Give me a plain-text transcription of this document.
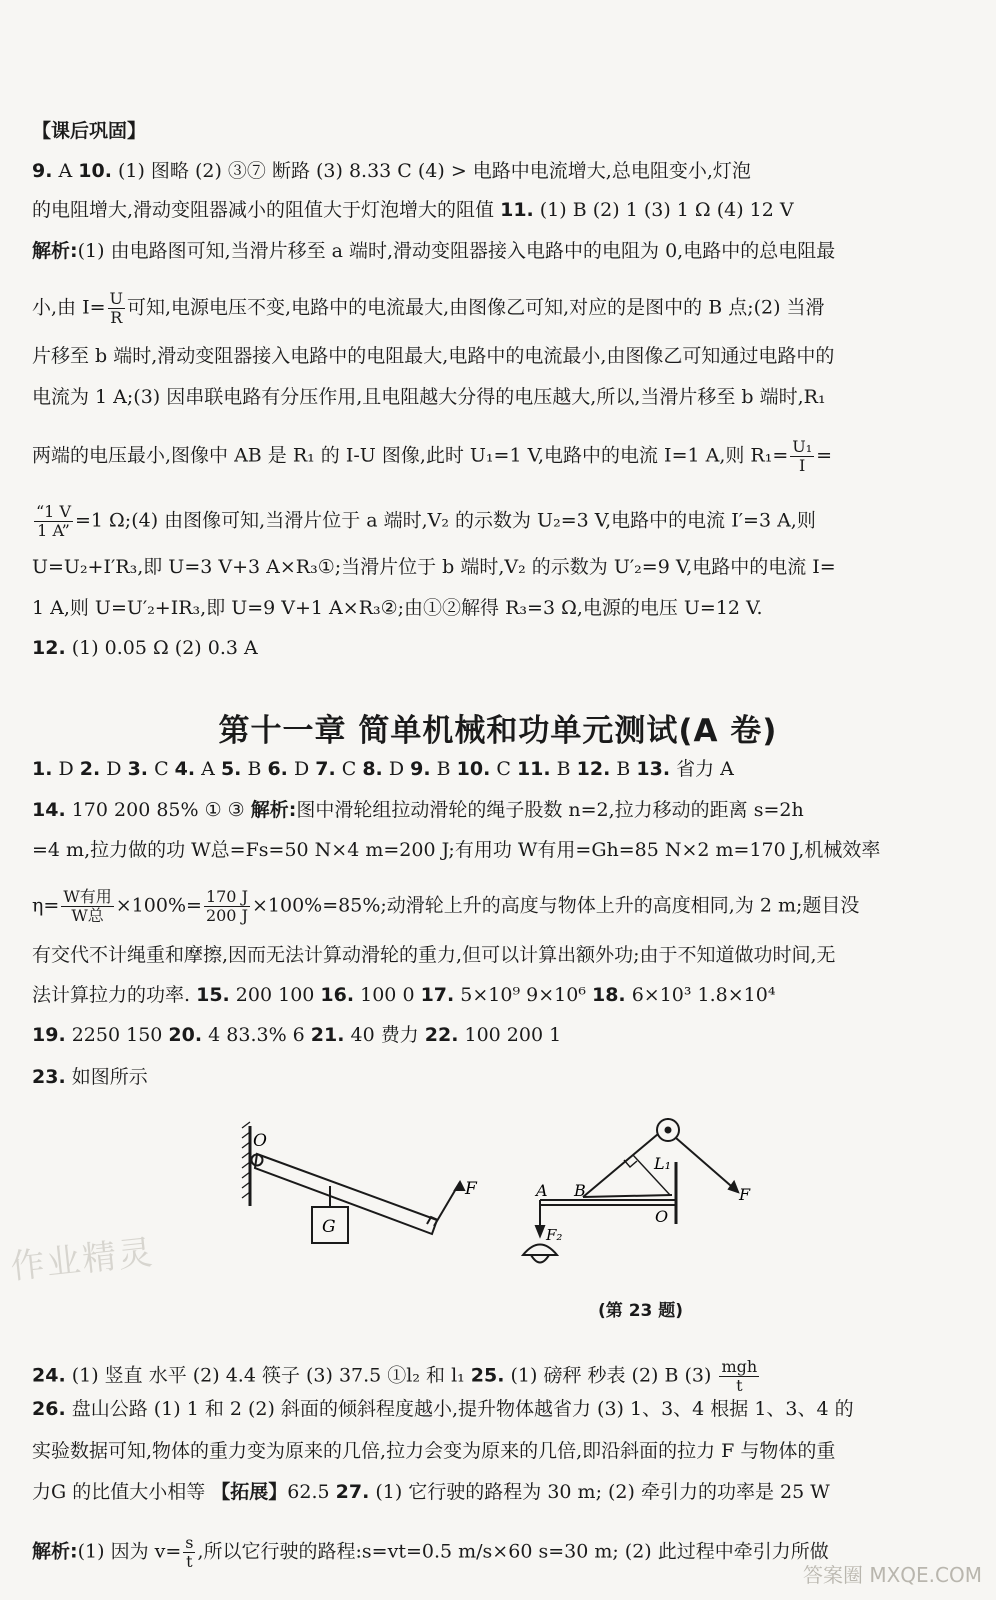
【课后巩固】
9. A 10. (1) 图略 (2) ③⑦ 断路 (3) 8.33 C (4) > 电路中电流增大,总电阻变小,灯泡
的电阻增大,滑动变阻器减小的阻值大于灯泡增大的阻值 11. (1) B (2) 1 (3) 1 Ω (4) 12 V
解析:(1) 由电路图可知,当滑片移至 a 端时,滑动变阻器接入电路中的电阻为 0,电路中的总电阻最
小,由 $I= \frac{U}{R}$ 可知,电源电压不变,电路中的电流最大,由图像乙可知,对应的是图中的 B 点;(2) 当滑
片移至 b 端时,滑动变阻器接入电路中的电阻最大,电路中的电流最小,由图像乙可知通过电路中的
电流为 1 A;(3) 因串联电路有分压作用,且电阻越大分得的电压越大,所以,当滑片移至 b 端时,R₁
两端的电压最小,图像中 AB 是 R₁ 的 I-U 图像,此时 U₁=1 V,电路中的电流 I=1 A,则 $R_1= \frac{\text{U₁}}{I}$ =
$\frac{“1 V}{1 A”} =1$ Ω;(4) 由图像可知,当滑片位于 a 端时,V₂ 的示数为 U₂=3 V,电路中的电流 I′=3 A,则
U=U₂+I′R₃,即 U=3 V+3 A×R₃①;当滑片位于 b 端时,V₂ 的示数为 U′₂=9 V,电路中的电流 I=
1 A,则 U=U′₂+IR₃,即 U=9 V+1 A×R₃②;由①②解得 R₃=3 Ω,电源的电压 U=12 V.
12. (1) 0.05 Ω (2) 0.3 A
第十一章 简单机械和功单元测试(A 卷)
1. D 2. D 3. C 4. A 5. B 6. D 7. C 8. D 9. B 10. C 11. B 12. B 13. 省力 A
14. 170 200 85% ① ③ 解析:图中滑轮组拉动滑轮的绳子股数 n=2,拉力移动的距离 s=2h
=4 m,拉力做的功 W总=Fs=50 N×4 m=200 J;有用功 W有用=Gh=85 N×2 m=170 J,机械效率
$\eta= \frac{\text{W有用}}{\text{W总}} \times 100\%= \frac{170 J}{200 J} \times 100\%=85\%$;动滑轮上升的高度与物体上升的高度相同,为 2 m;题目没
有交代不计绳重和摩擦,因而无法计算动滑轮的重力,但可以计算出额外功;由于不知道做功时间,无
法计算拉力的功率. 15. 200 100 16. 100 0 17. 5×10⁹ 9×10⁶ 18. 6×10³ 1.8×10⁴
19. 2250 150 20. 4 83.3% 6 21. 40 费力 22. 100 200 1
23. 如图所示
O
F
G
A B
L₁
F
O
F₂
(第 23 题)
作业精灵
24. (1) 竖直 水平 (2) 4.4 筷子 (3) 37.5 ①l₂ 和 l₁ 25. (1) 磅秤 秒表 (2) B $(3) \frac{\text{mgh}}{t}$
26. 盘山公路 (1) 1 和 2 (2) 斜面的倾斜程度越小,提升物体越省力 (3) 1、3、4 根据 1、3、4 的
实验数据可知,物体的重力变为原来的几倍,拉力会变为原来的几倍,即沿斜面的拉力 F 与物体的重
力G 的比值大小相等 【拓展】62.5 27. (1) 它行驶的路程为 30 m; (2) 牵引力的功率是 25 W
解析:(1) 因为 $v= \frac{s}{t}$ ,所以它行驶的路程:s=vt=0.5 m/s×60 s=30 m; (2) 此过程中牵引力所做
答案圈 MXQE.COM
